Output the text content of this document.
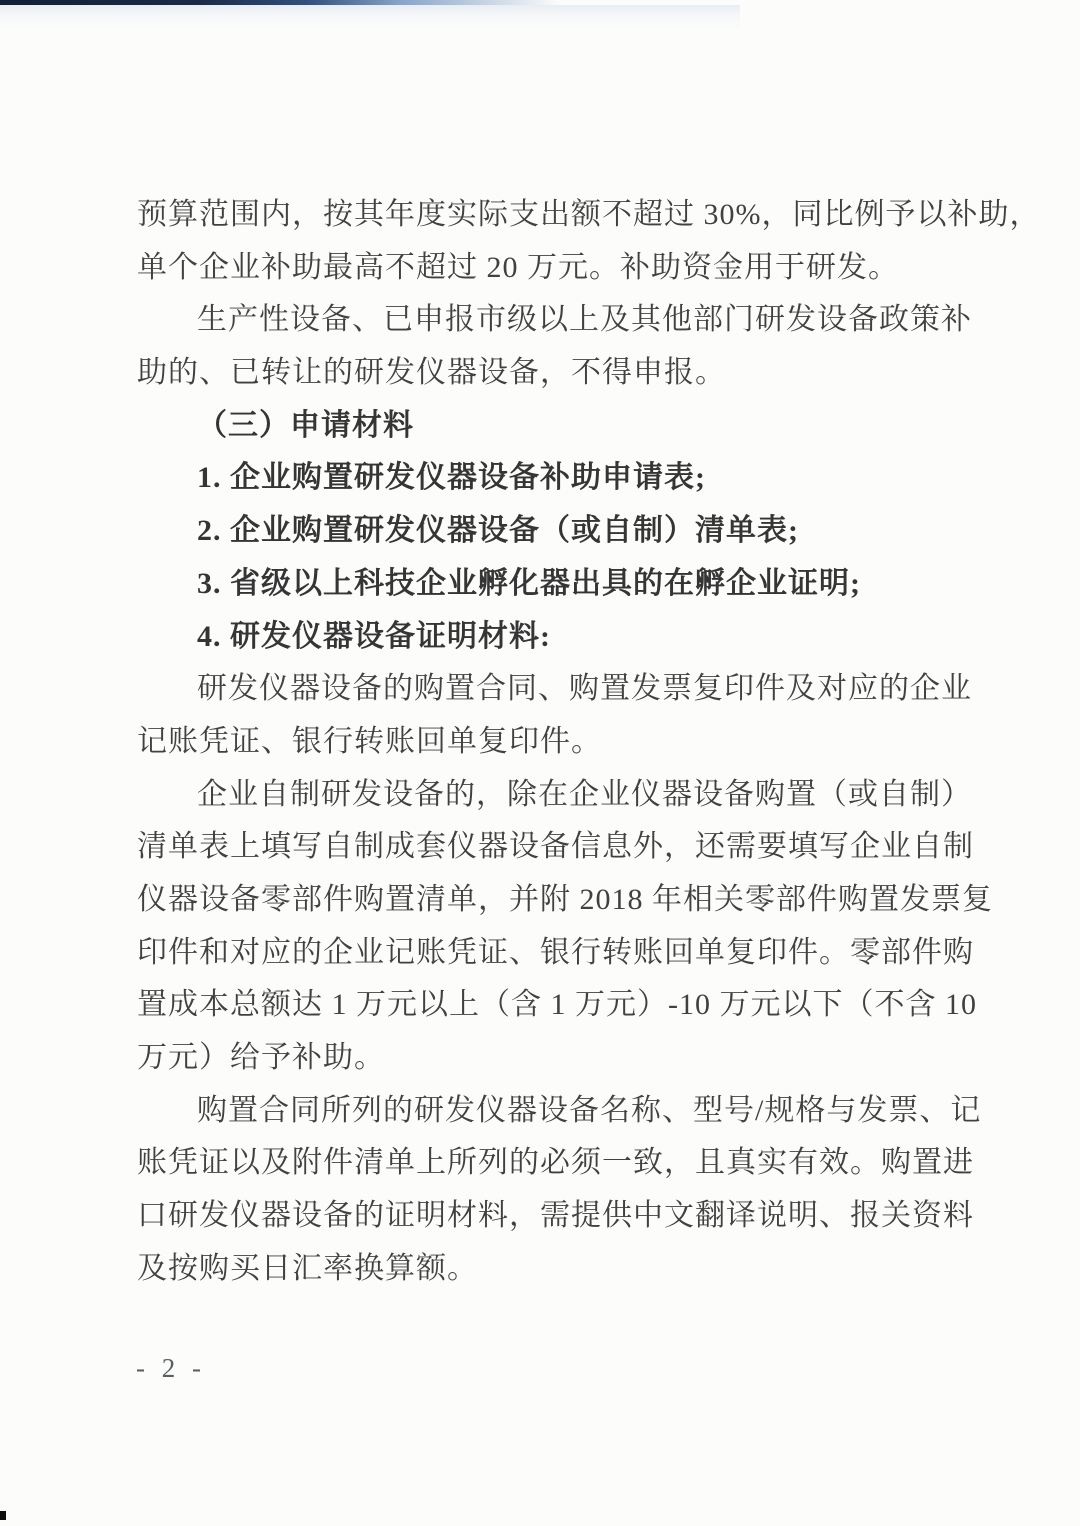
预算范围内，按其年度实际支出额不超过 30%，同比例予以补助，
单个企业补助最高不超过 20 万元。补助资金用于研发。
生产性设备、已申报市级以上及其他部门研发设备政策补
助的、已转让的研发仪器设备，不得申报。
（三）申请材料
1. 企业购置研发仪器设备补助申请表;
2. 企业购置研发仪器设备（或自制）清单表;
3. 省级以上科技企业孵化器出具的在孵企业证明;
4. 研发仪器设备证明材料:
研发仪器设备的购置合同、购置发票复印件及对应的企业
记账凭证、银行转账回单复印件。
企业自制研发设备的，除在企业仪器设备购置（或自制）
清单表上填写自制成套仪器设备信息外，还需要填写企业自制
仪器设备零部件购置清单，并附 2018 年相关零部件购置发票复
印件和对应的企业记账凭证、银行转账回单复印件。零部件购
置成本总额达 1 万元以上（含 1 万元）-10 万元以下（不含 10
万元）给予补助。
购置合同所列的研发仪器设备名称、型号/规格与发票、记
账凭证以及附件清单上所列的必须一致，且真实有效。购置进
口研发仪器设备的证明材料，需提供中文翻译说明、报关资料
及按购买日汇率换算额。
- 2 -
